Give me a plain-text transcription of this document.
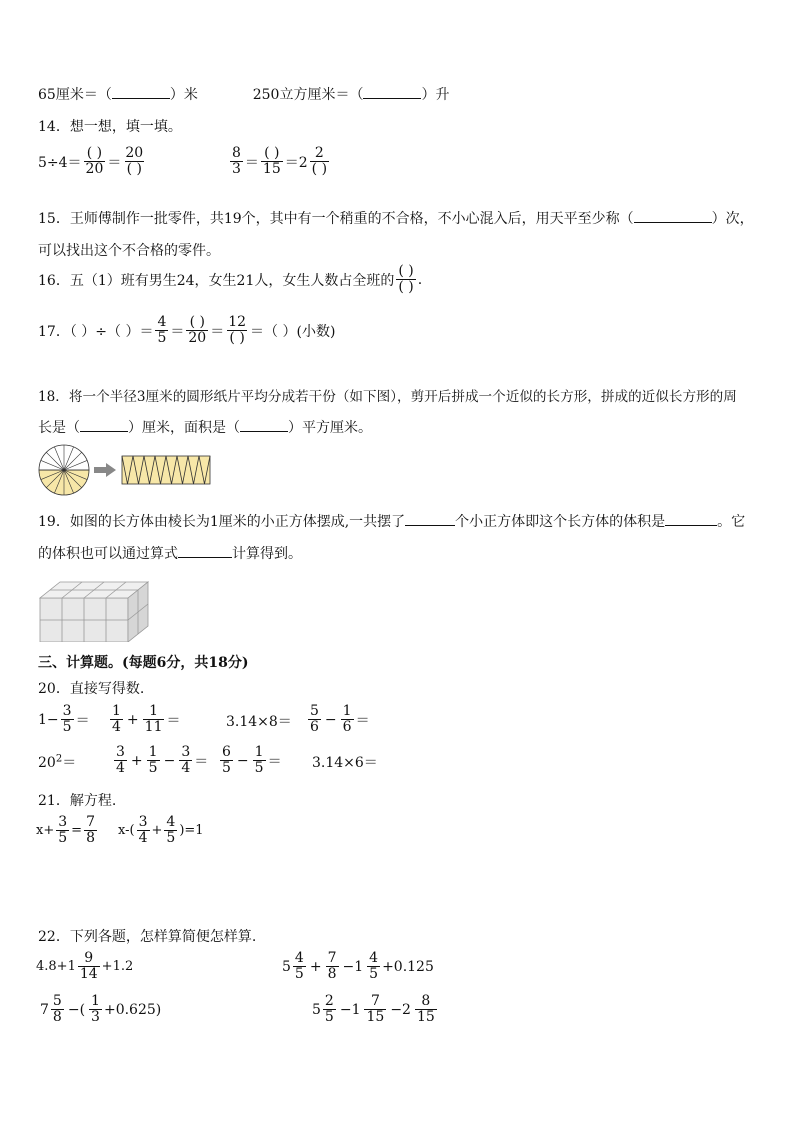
65厘米＝（	）米	250立方厘米＝（	）升
14．想一想，填一填。
$5\div 4= \frac{( )}{20} = \frac{20}{( )}$	$\frac{8}{3} = \frac{( )}{15} =2 \frac{2}{( )}$
15．王师傅制作一批零件，共19个，其中有一个稍重的不合格，不小心混入后，用天平至少称（	）次，
可以找出这个不合格的零件。
16．五（1）班有男生24，女生21人，女生人数占全班的 $\frac{( )}{( )}$ .
17．（ ）÷（ ）＝ $\frac{4}{5} = \frac{( )}{20} = \frac{12}{( )}$ ＝（ ）(小数)
18．将一个半径3厘米的圆形纸片平均分成若干份（如下图），剪开后拼成一个近似的长方形，拼成的近似长方形的周
长是（	）厘米，面积是（	）平方厘米。
19．如图的长方体由棱长为1厘米的小正方体摆成,一共摆了	个小正方体即这个长方体的体积是	。它
的体积也可以通过算式	计算得到。
三、计算题。(每题6分，共18分)
20．直接写得数.
$1- \frac{3}{5} = \frac{1}{4} + \frac{1}{11}$ ＝	$3.14\times 8= \frac{5}{6} - \frac{1}{6}$ ＝
$20^2=$	$\frac{3}{4} + \frac{1}{5} - \frac{3}{4} = \frac{6}{5} - \frac{1}{5} = 3.14\times 6=$
21．解方程.
$x+ \frac{3}{5} = \frac{7}{8} x-( \frac{3}{4} + \frac{4}{5} )=1$
22．下列各题，怎样算简便怎样算.
$4.8+1 \frac{9}{14} +1.2$	$5 \frac{4}{5} + \frac{7}{8} -1 \frac{4}{5} +0.125$
$7 \frac{5}{8}$ −( $\frac{1}{3} +0.625$)	$5 \frac{2}{5} -1 \frac{7}{15} -2 \frac{8}{15}$
